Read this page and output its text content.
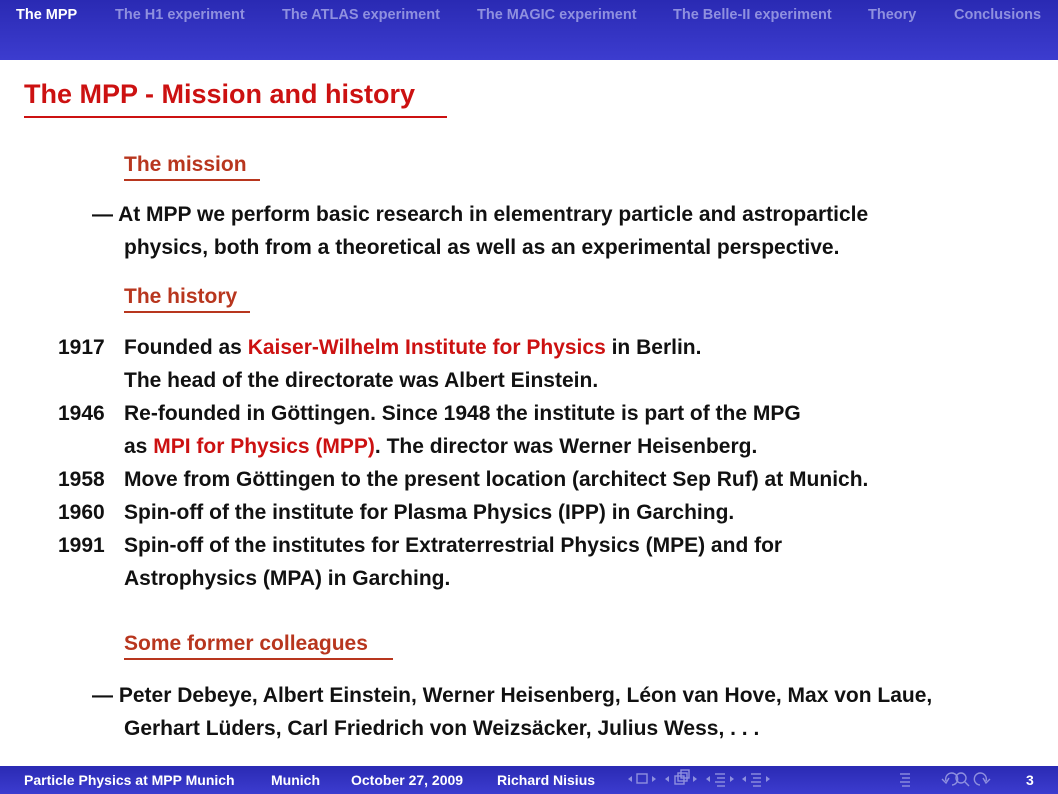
The MPP	The H1 experiment	The ATLAS experiment	The MAGIC experiment	The Belle-II experiment	Theory	Conclusions
The MPP - Mission and history
The mission
— At MPP we perform basic research in elementrary particle and astroparticle
physics, both from a theoretical as well as an experimental perspective.
The history
1917 Founded as Kaiser-Wilhelm Institute for Physics in Berlin.
The head of the directorate was Albert Einstein.
1946 Re-founded in Göttingen. Since 1948 the institute is part of the MPG
as MPI for Physics (MPP). The director was Werner Heisenberg.
1958 Move from Göttingen to the present location (architect Sep Ruf) at Munich.
1960 Spin-off of the institute for Plasma Physics (IPP) in Garching.
1991 Spin-off of the institutes for Extraterrestrial Physics (MPE) and for
Astrophysics (MPA) in Garching.
Some former colleagues
— Peter Debeye, Albert Einstein, Werner Heisenberg, Léon van Hove, Max von Laue,
Gerhart Lüders, Carl Friedrich von Weizsäcker, Julius Wess, . . .
Particle Physics at MPP Munich	Munich October 27, 2009 Richard Nisius	3
